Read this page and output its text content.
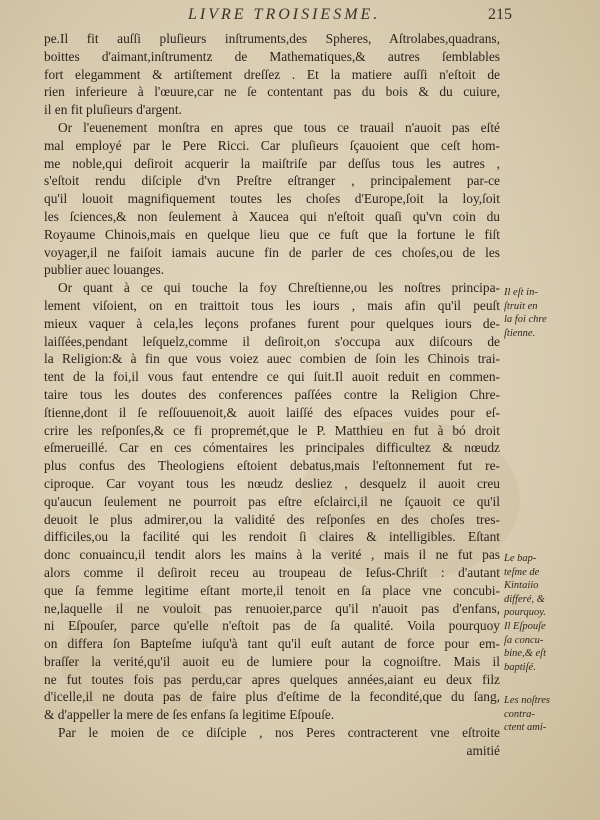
LIVRE TROISIESME.	215
pe.Il fit auſſi pluſieurs inſtruments,des Spheres, Aſtrolabes,quadrans,
boittes d'aimant,inſtrumentz de Mathematiques,& autres ſemblables
fort elegamment & artiſtement dreſſez . Et la matiere auſſi n'eſtoit de
rien inferieure à l'œuure,car ne ſe contentant pas du bois & du cuiure,
il en fit pluſieurs d'argent.
Or l'euenement monſtra en apres que tous ce trauail n'auoit pas eſté
mal employé par le Pere Ricci. Car pluſieurs ſçauoient que ceſt hom-
me noble,qui deſiroit acquerir la maiſtriſe par deſſus tous les autres ,
s'eſtoit rendu diſciple d'vn Preſtre eſtranger , principalement par-ce
qu'il louoit magnifiquement toutes les choſes d'Europe,ſoit la loy,ſoit
les ſciences,& non ſeulement à Xaucea qui n'eſtoit quaſi qu'vn coin du
Royaume Chinois,mais en quelque lieu que ce fuſt que la fortune le fiſt
voyager,il ne faiſoit iamais aucune fin de parler de ces choſes,ou de les
publier auec louanges.
Or quant à ce qui touche la foy Chreſtienne,ou les noſtres principa-
lement viſoient, on en traittoit tous les iours , mais afin qu'il peuſt
mieux vaquer à cela,les leçons profanes furent pour quelques iours de-
laiſſées,pendant leſquelz,comme il deſiroit,on s'occupa aux diſcours de
la Religion:& à fin que vous voiez auec combien de ſoin les Chinois trai-
tent de la foi,il vous faut entendre ce qui ſuit.Il auoit reduit en commen-
taire tous les doutes des conferences paſſées contre la Religion Chre-
ſtienne,dont il ſe reſſouuenoit,& auoit laiſſé des eſpaces vuides pour eſ-
crire les reſponſes,& ce fi propremét,que le P. Matthieu en fut à bó droit
eſmerueillé. Car en ces cómentaires les principales difficultez & nœudz
plus confus des Theologiens eſtoient debatus,mais l'eſtonnement fut re-
ciproque. Car voyant tous les nœudz desliez , desquelz il auoit creu
qu'aucun ſeulement ne pourroit pas eſtre eſclairci,il ne ſçauoit ce qu'il
deuoit le plus admirer,ou la validité des reſponſes en des choſes tres-
difficiles,ou la facilité qui les rendoit ſi claires & intelligibles. Eſtant
donc conuaincu,il tendit alors les mains à la verité , mais il ne fut pas
alors comme il deſiroit receu au troupeau de Ieſus-Chriſt : d'autant
que ſa femme legitime eſtant morte,il tenoit en ſa place vne concubi-
ne,laquelle il ne vouloit pas renuoier,parce qu'il n'auoit pas d'enfans,
ni Eſpouſer, parce qu'elle n'eſtoit pas de ſa qualité. Voila pourquoy
on differa ſon Bapteſme iuſqu'à tant qu'il euſt autant de force pour em-
braſſer la verité,qu'il auoit eu de lumiere pour la cognoiſtre. Mais il
ne fut toutes fois pas perdu,car apres quelques années,aiant eu deux filz
d'icelle,il ne douta pas de faire plus d'eſtime de la fecondité,que du ſang,
& d'appeller la mere de ſes enfans ſa legitime Eſpouſe.
Par le moien de ce diſciple , nos Peres contracterent vne eſtroite
amitié
Il eſt in-
ſtruit en
la foi chre
ſtienne.
Le bap-
teſme de
Kintaiio
differé, &
pourquoy.
Il Eſpouſe
ſa concu-
bine,& eſt
baptiſé.
Les noſtres
contra-
ctent ami-
